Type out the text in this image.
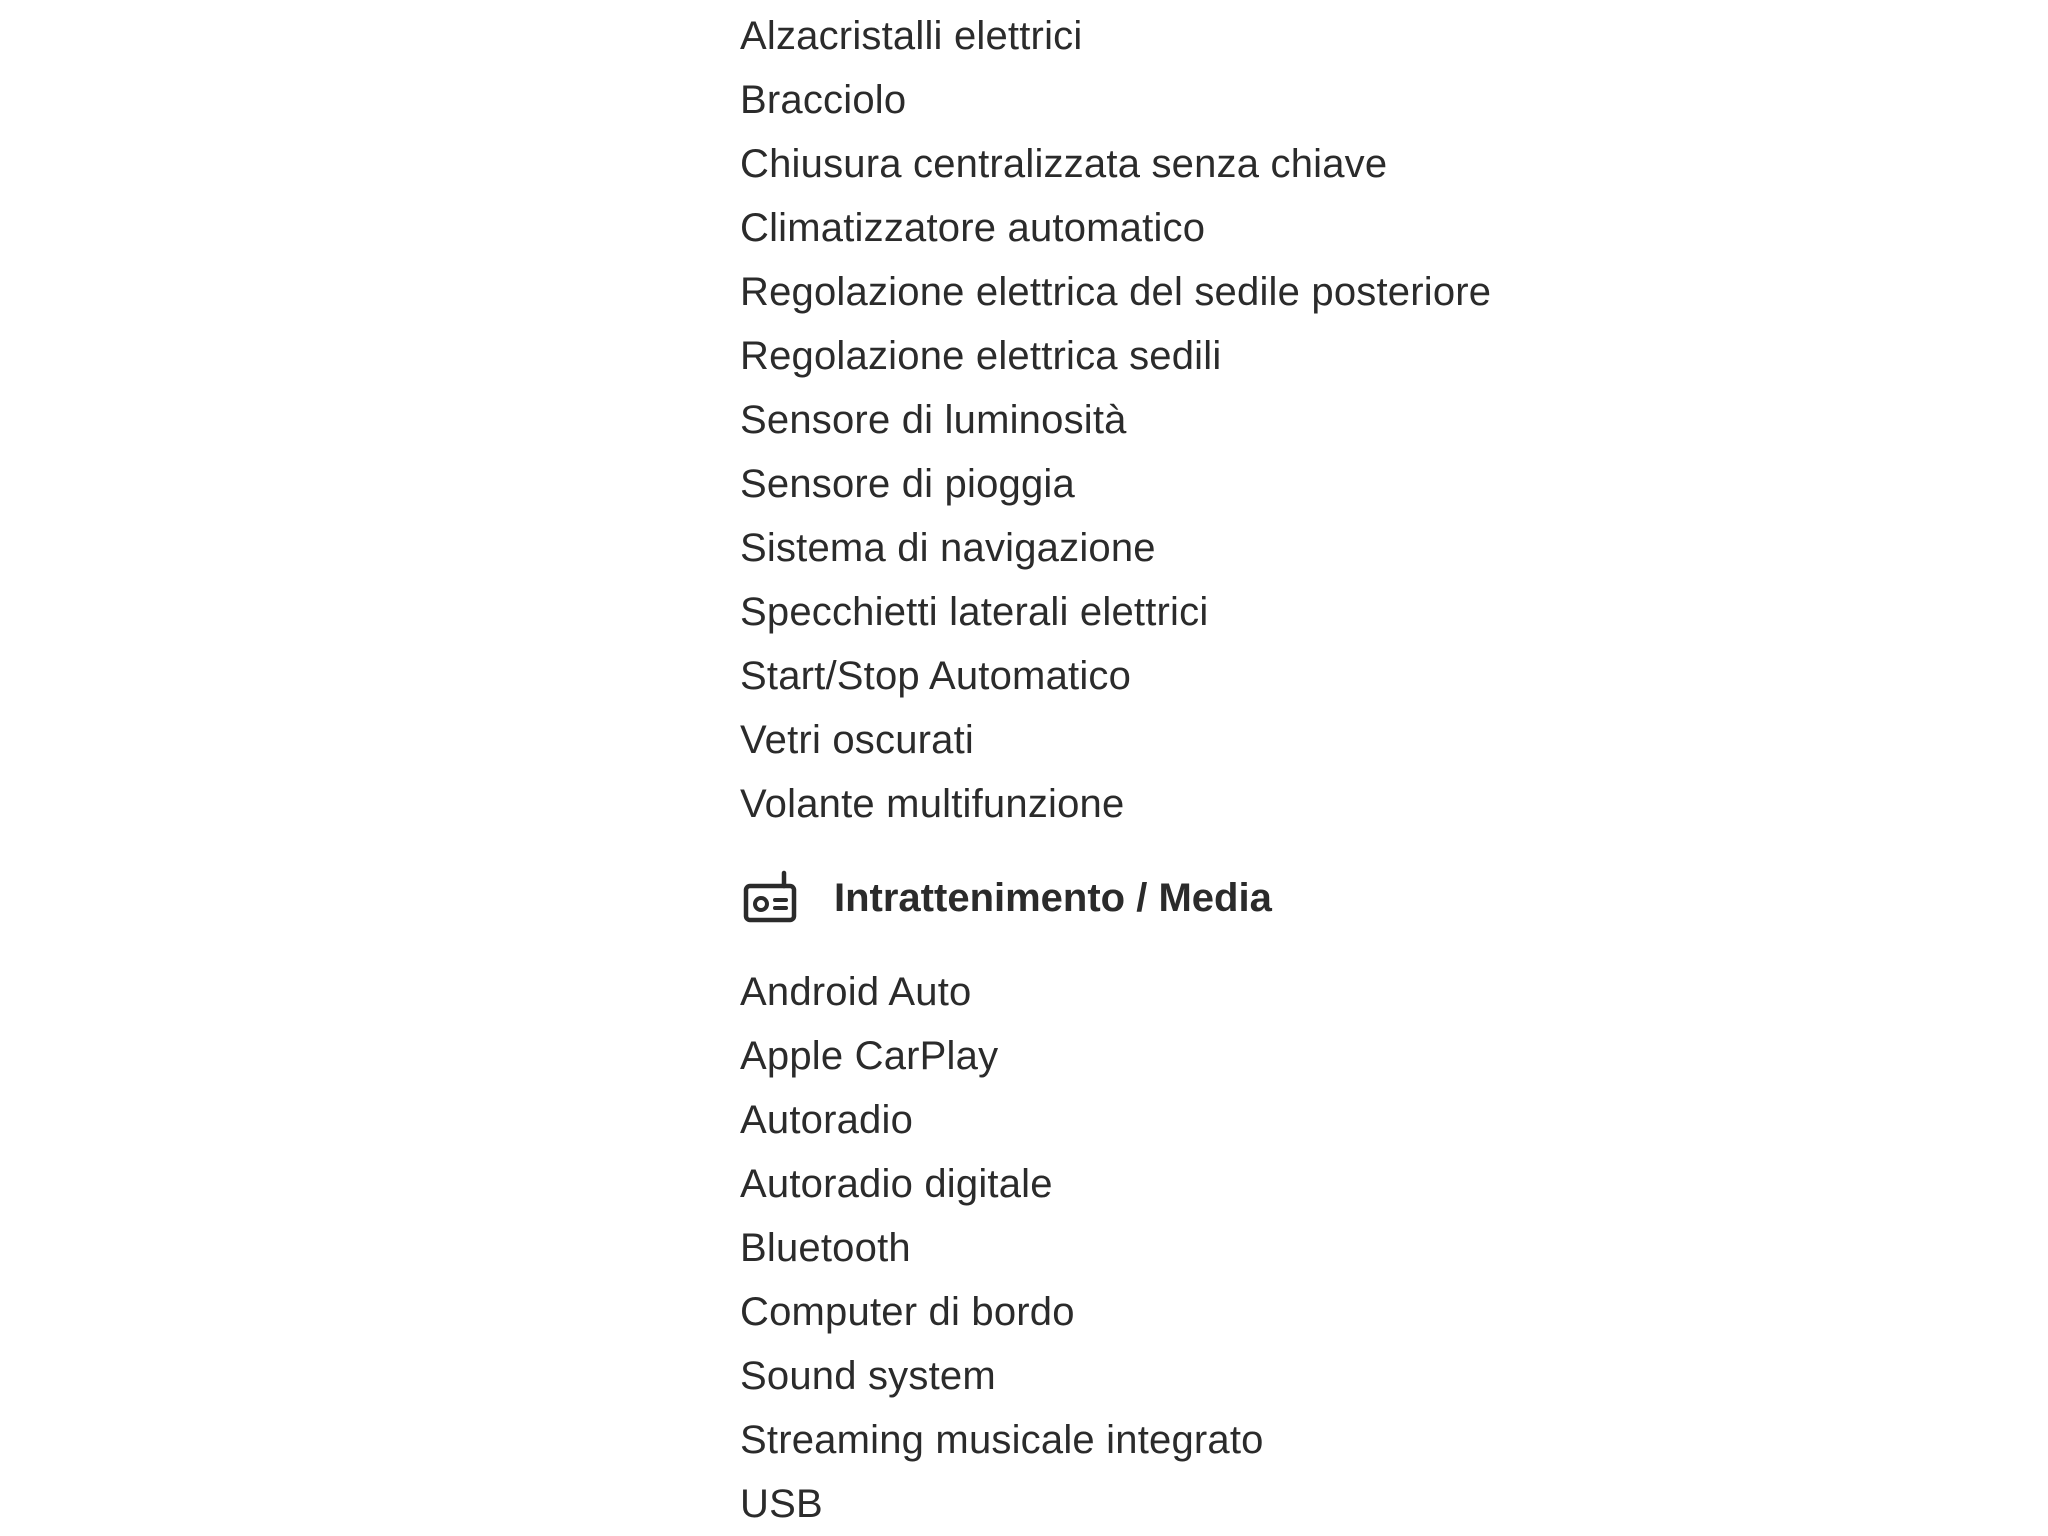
Alzacristalli elettrici
Bracciolo
Chiusura centralizzata senza chiave
Climatizzatore automatico
Regolazione elettrica del sedile posteriore
Regolazione elettrica sedili
Sensore di luminosità
Sensore di pioggia
Sistema di navigazione
Specchietti laterali elettrici
Start/Stop Automatico
Vetri oscurati
Volante multifunzione
Intrattenimento / Media
Android Auto
Apple CarPlay
Autoradio
Autoradio digitale
Bluetooth
Computer di bordo
Sound system
Streaming musicale integrato
USB
